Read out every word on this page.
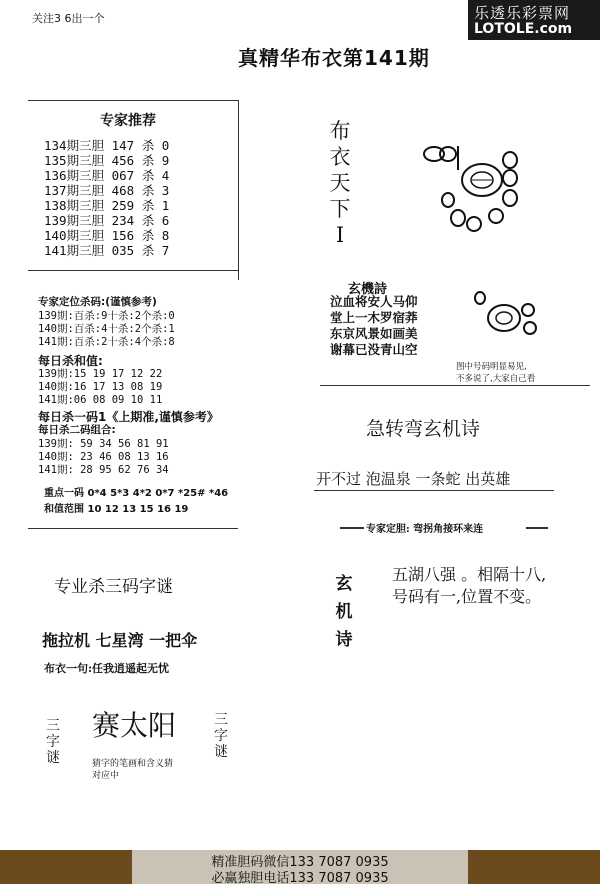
乐透乐彩票网
LOTOLE.com
关注3 6出一个
真精华布衣第141期
专家推荐
134期三胆 147 杀 0
135期三胆 456 杀 9
136期三胆 067 杀 4
137期三胆 468 杀 3
138期三胆 259 杀 1
139期三胆 234 杀 6
140期三胆 156 杀 8
141期三胆 035 杀 7
专家定位杀码:(谨慎参考)
139期:百杀:9十杀:2个杀:0
140期:百杀:4十杀:2个杀:1
141期:百杀:2十杀:4个杀:8
每日杀和值:
139期:15 19 17 12 22
140期:16 17 13 08 19
141期:06 08 09 10 11
每日杀一码1《上期准,谨慎参考》
每日杀二码组合:
139期: 59 34 56 81 91
140期: 23 46 08 13 16
141期: 28 95 62 76 34
重点一码 0*4 5*3 4*2 0*7 *25# *46
和值范围 10 12 13 15 16 19
专业杀三码字谜
拖拉机 七星湾 一把伞
布衣一句:任我逍遥起无忧
三字谜
赛太阳
猜字的笔画和含义猜
对应中
三字谜
布衣天下I
玄機詩
泣血将安人马仰
堂上一木罗宿莽
东京风景如画美
谢幕已没青山空
图中号码明显易见,
不多说了,大家自己看
急转弯玄机诗
开不过 泡温泉 一条蛇 出英雄
专家定胆: 弯拐角接环来连
玄机诗
五湖八强 。相隔十八,
号码有一,位置不变。
精准胆码微信133 7087 0935
必赢独胆电话133 7087 0935
